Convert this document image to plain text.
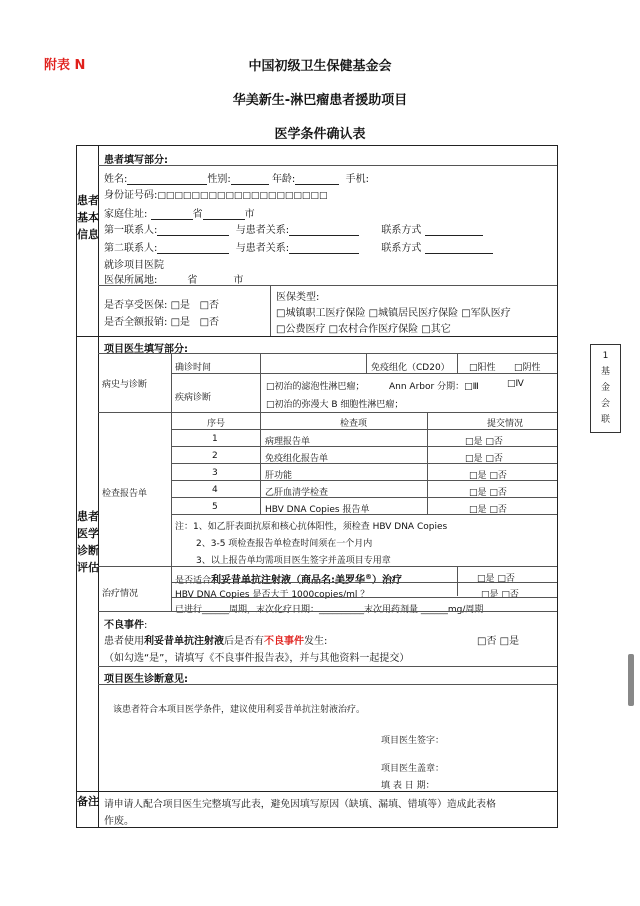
附表 N	中国初级卫生保健基金会
华美新生-淋巴瘤患者援助项目
医学条件确认表
患者基本信息
患者医学诊断评估
备注
患者填写部分:
姓名:	性别:	年龄:	手机:
身份证号码:□□□□□□□□□□□□□□□□□□□□
家庭住址:	省	市
第一联系人:	与患者关系:	联系方式
第二联系人:	与患者关系:	联系方式
就诊项目医院
医保所属地:	省	市
是否享受医保: □是 □否
是否全额报销: □是 □否
医保类型:
□城镇职工医疗保险 □城镇居民医疗保险 □军队医疗
□公费医疗 □农村合作医疗保险 □其它
项目医生填写部分:
病史与诊断
确诊时间	免疫组化（CD20） □阳性 □阴性
疾病诊断
□初治的滤泡性淋巴瘤；	Ann Arbor 分期：□Ⅲ	□Ⅳ
□初治的弥漫大 B 细胞性淋巴瘤；
检查报告单
序号	检查项	提交情况
1	病理报告单	□是 □否
2	免疫组化报告单	□是 □否
3	肝功能	□是 □否
4	乙肝血清学检查	□是 □否
5	HBV DNA Copies 报告单	□是 □否
注：1、如乙肝表面抗原和核心抗体阳性，须检查 HBV DNA Copies
2、3-5 项检查报告单检查时间须在一个月内
3、以上报告单均需项目医生签字并盖项目专用章
治疗情况
是否适合利妥昔单抗注射液（商品名:美罗华®）治疗	□是 □否
HBV DNA Copies 是否大于 1000copies/ml ？	□是 □否
已进行______周期，末次化疗日期：__________末次用药剂量 ______mg/周期
不良事件:
患者使用利妥昔单抗注射液后是否有不良事件发生:	□否 □是
（如勾选“是”，请填写《不良事件报告表》，并与其他资料一起提交）
项目医生诊断意见:
该患者符合本项目医学条件，建议使用利妥昔单抗注射液治疗。
项目医生签字：
项目医生盖章：
填 表 日 期：
请申请人配合项目医生完整填写此表，避免因填写原因（缺填、漏填、错填等）造成此表格
作废。
1
基
金
会
联
